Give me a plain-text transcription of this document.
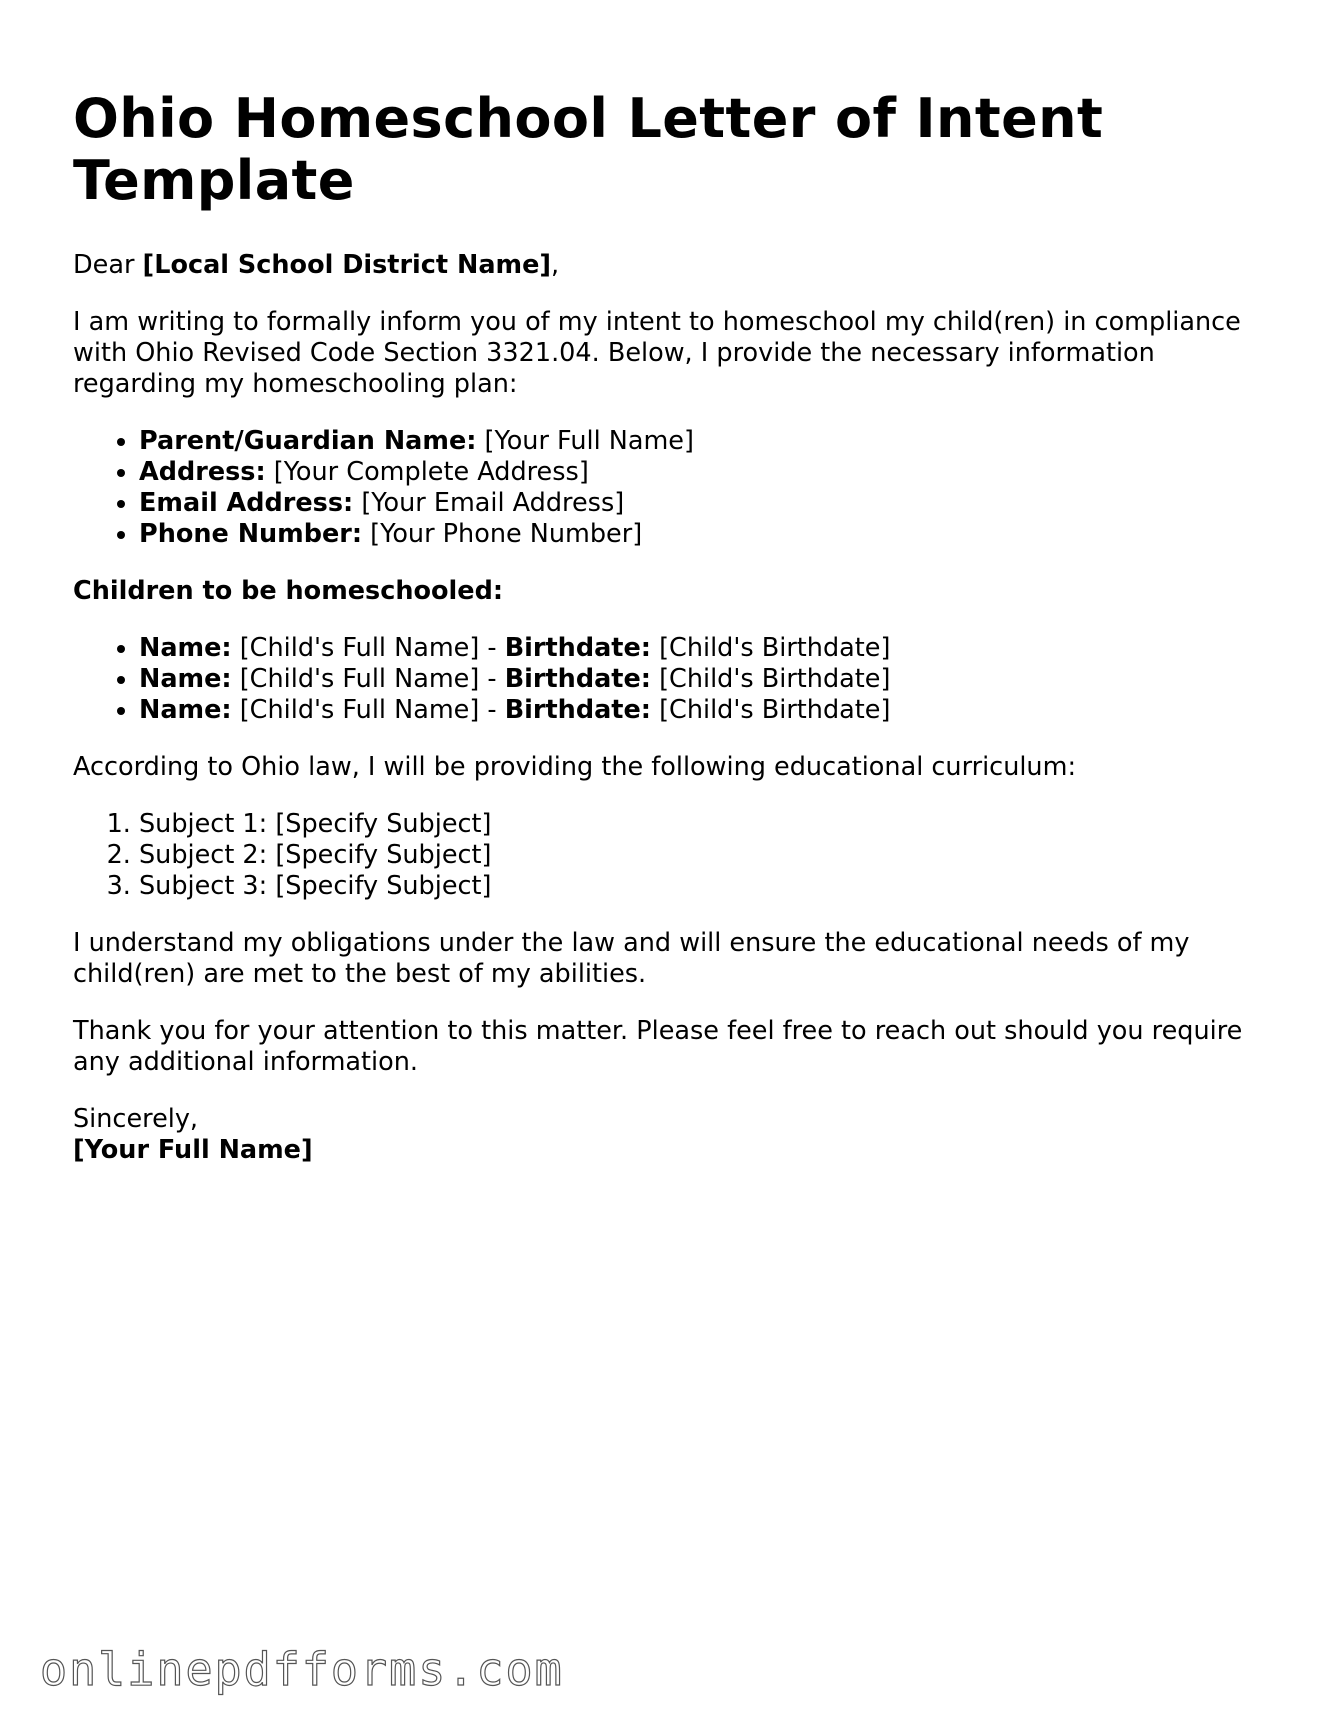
Ohio Homeschool Letter of Intent Template

Dear [Local School District Name],

I am writing to formally inform you of my intent to homeschool my child(ren) in compliance with Ohio Revised Code Section 3321.04. Below, I provide the necessary information regarding my homeschooling plan:

• Parent/Guardian Name: [Your Full Name]
• Address: [Your Complete Address]
• Email Address: [Your Email Address]
• Phone Number: [Your Phone Number]

Children to be homeschooled:

• Name: [Child's Full Name] - Birthdate: [Child's Birthdate]
• Name: [Child's Full Name] - Birthdate: [Child's Birthdate]
• Name: [Child's Full Name] - Birthdate: [Child's Birthdate]

According to Ohio law, I will be providing the following educational curriculum:

1. Subject 1: [Specify Subject]
2. Subject 2: [Specify Subject]
3. Subject 3: [Specify Subject]

I understand my obligations under the law and will ensure the educational needs of my child(ren) are met to the best of my abilities.

Thank you for your attention to this matter. Please feel free to reach out should you require any additional information.

Sincerely,
[Your Full Name]

onlinepdfforms.com
